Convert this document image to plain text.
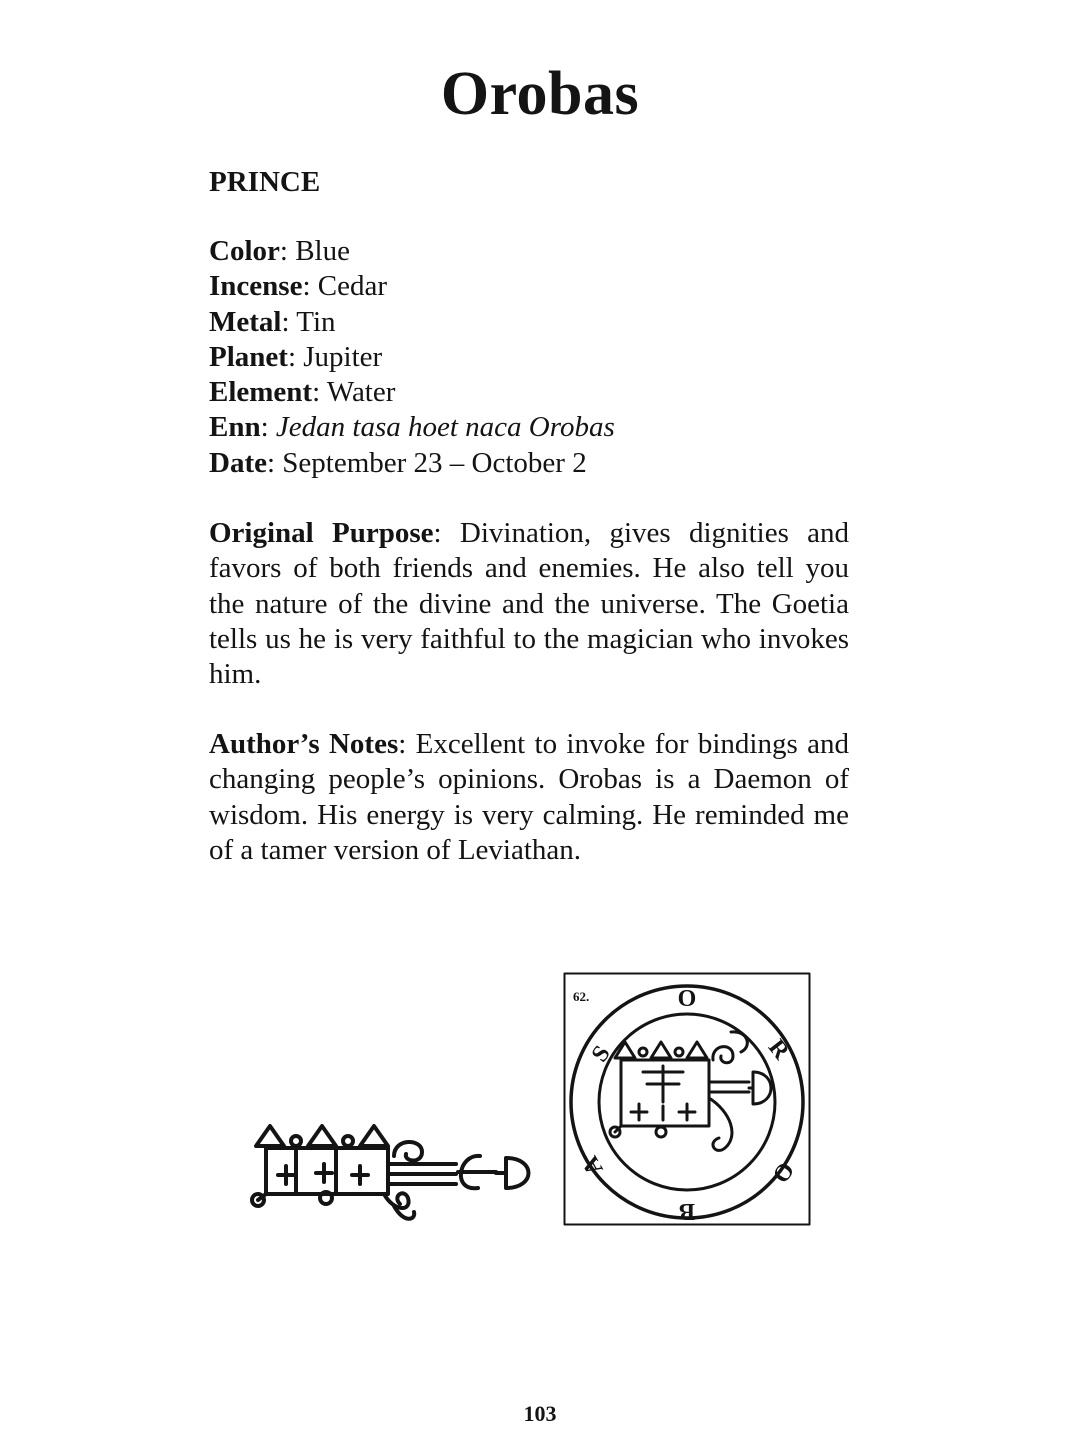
Orobas
PRINCE
Color: Blue
Incense: Cedar
Metal: Tin
Planet: Jupiter
Element: Water
Enn: Jedan tasa hoet naca Orobas
Date: September 23 – October 2

Original Purpose: Divination, gives dignities and favors of both friends and enemies. He also tell you the nature of the divine and the universe. The Goetia tells us he is very faithful to the magician who invokes him.

Author’s Notes: Excellent to invoke for bindings and changing people’s opinions. Orobas is a Daemon of wisdom. His energy is very calming. He reminded me of a tamer version of Leviathan.

62.	O
R
O
B
A
S
103
